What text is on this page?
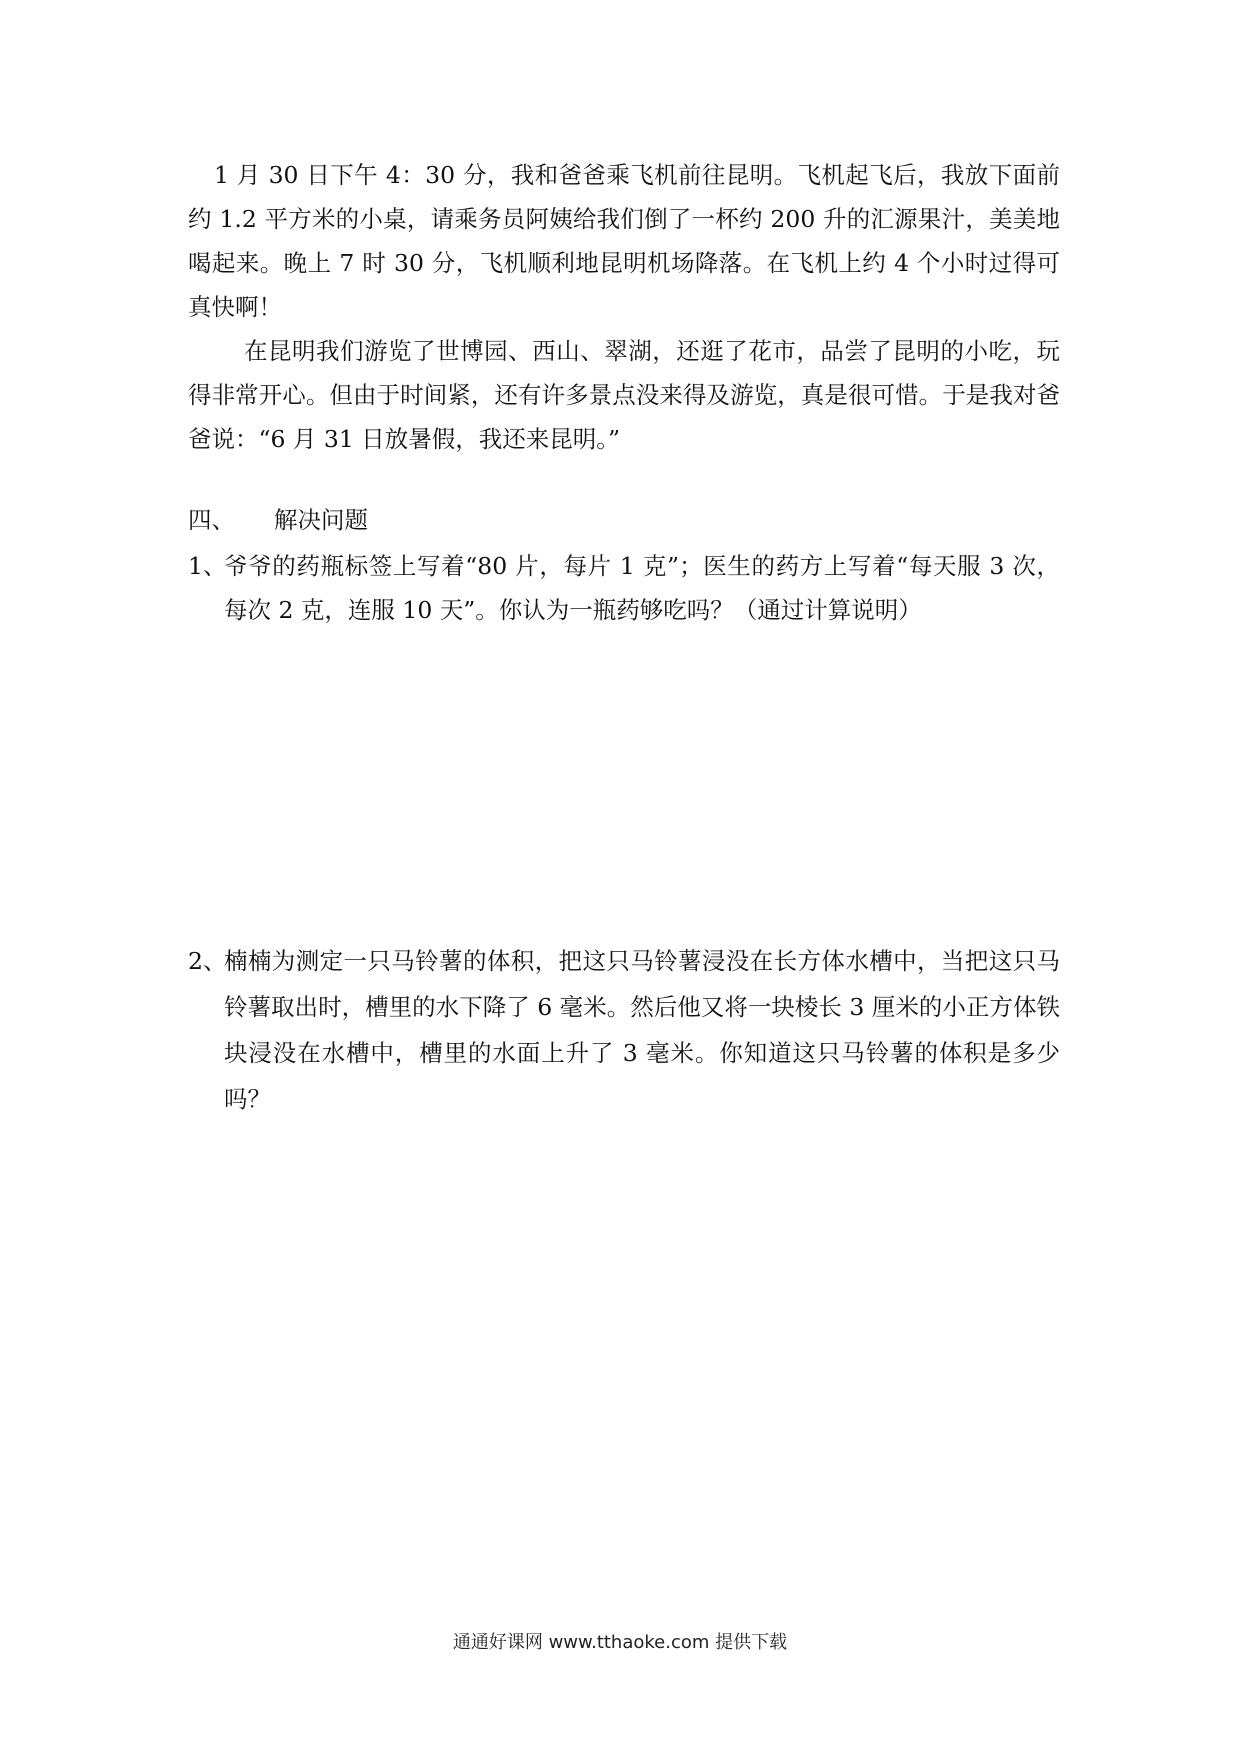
1 月 30 日下午 4：30 分，我和爸爸乘飞机前往昆明。飞机起飞后，我放下面前约 1.2 平方米的小桌，请乘务员阿姨给我们倒了一杯约 200 升的汇源果汁，美美地喝起来。晚上 7 时 30 分，飞机顺利地昆明机场降落。在飞机上约 4 个小时过得可真快啊！

在昆明我们游览了世博园、西山、翠湖，还逛了花市，品尝了昆明的小吃，玩得非常开心。但由于时间紧，还有许多景点没来得及游览，真是很可惜。于是我对爸爸说：“6 月 31 日放暑假，我还来昆明。”

四、 解决问题
1、
爷爷的药瓶标签上写着“80 片，每片 1 克”；医生的药方上写着“每天服 3 次，每次 2 克，连服 10 天”。你认为一瓶药够吃吗？（通过计算说明）
2、
楠楠为测定一只马铃薯的体积，把这只马铃薯浸没在长方体水槽中，当把这只马铃薯取出时，槽里的水下降了 6 毫米。然后他又将一块棱长 3 厘米的小正方体铁块浸没在水槽中，槽里的水面上升了 3 毫米。你知道这只马铃薯的体积是多少吗？
通通好课网 www.tthaoke.com 提供下载
